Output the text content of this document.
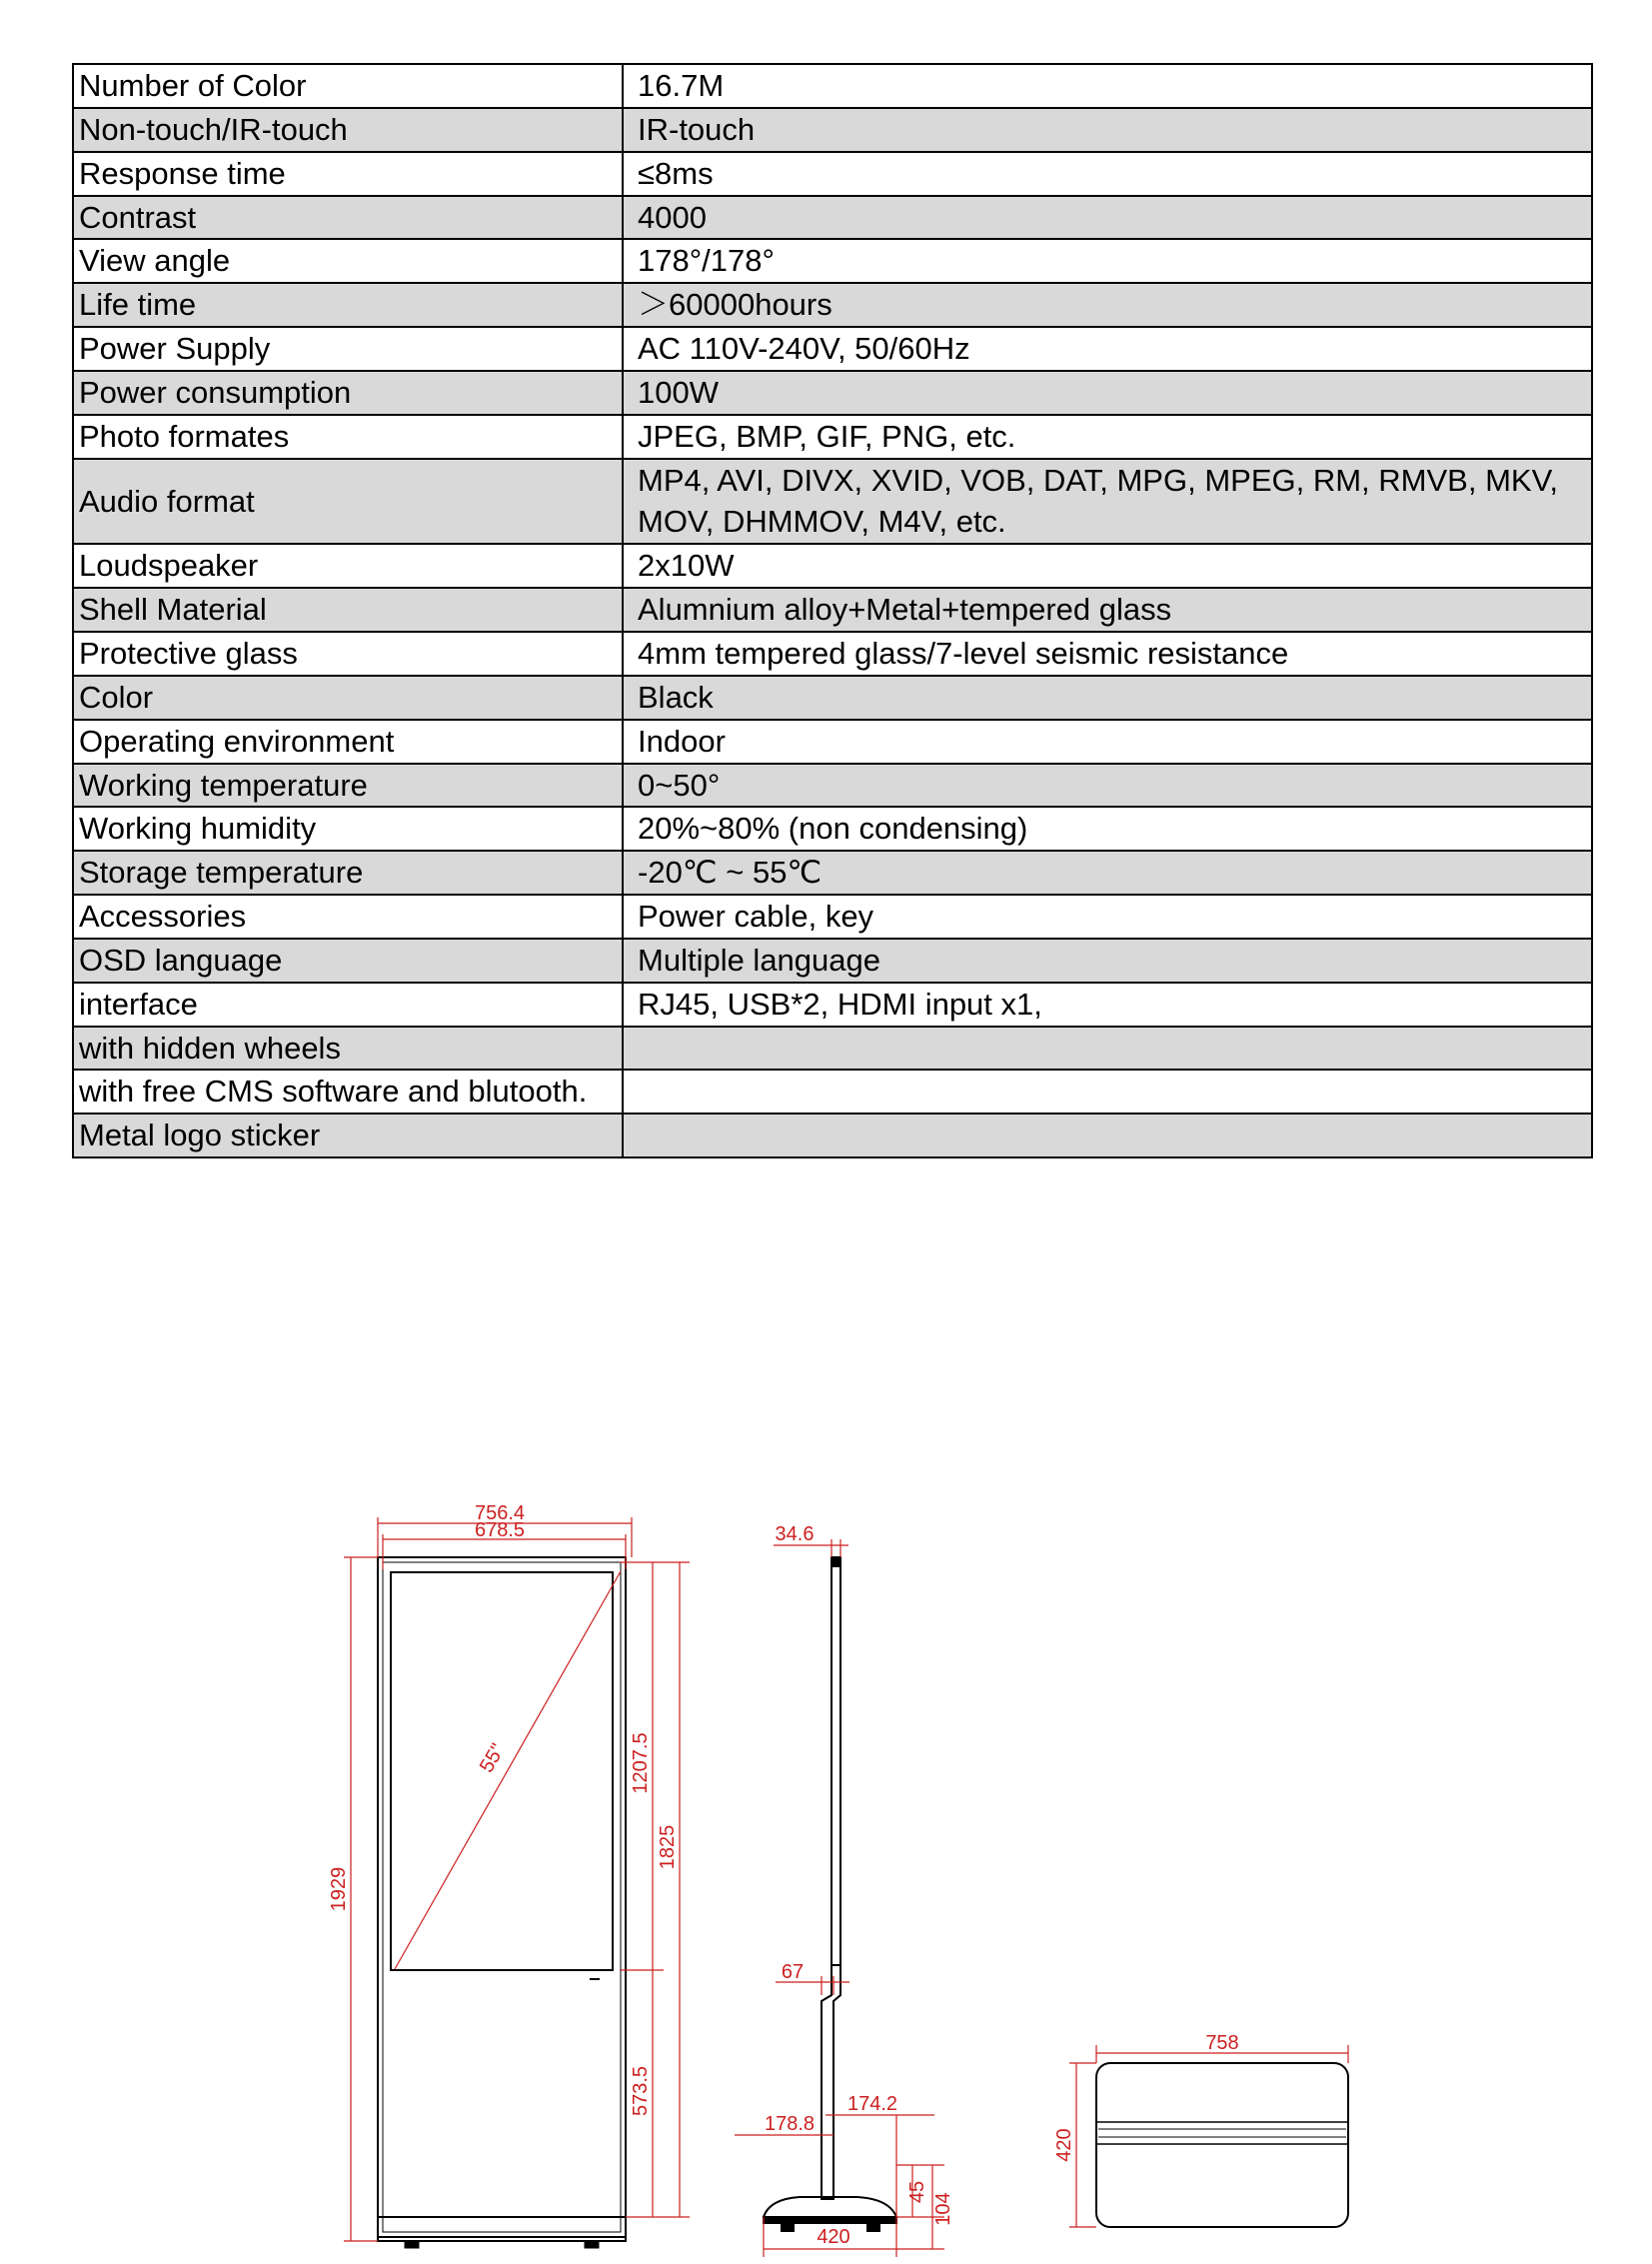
Number of Color	16.7M
Non-touch/IR-touch	IR-touch
Response time	≤8ms
Contrast	4000
View angle	178°/178°
Life time	＞60000hours
Power Supply	AC 110V-240V, 50/60Hz
Power consumption	100W
Photo formates	JPEG, BMP, GIF, PNG, etc.
Audio format	MP4, AVI, DIVX, XVID, VOB, DAT, MPG, MPEG, RM, RMVB, MKV, MOV, DHMMOV, M4V, etc.
Loudspeaker	2x10W
Shell Material	Alumnium alloy+Metal+tempered glass
Protective glass	4mm tempered glass/7-level seismic resistance
Color	Black
Operating environment	Indoor
Working temperature	0~50°
Working humidity	20%~80% (non condensing)
Storage temperature	-20℃ ~ 55℃
Accessories	Power cable, key
OSD language	Multiple language
interface	RJ45, USB*2, HDMI input x1,
with hidden wheels	
with free CMS software and blutooth.	
Metal logo sticker	
756.4
678.5
1929
55"	1207.5
1825
573.5
34.6
67
174.2
178.8
45
104
420
758
420
